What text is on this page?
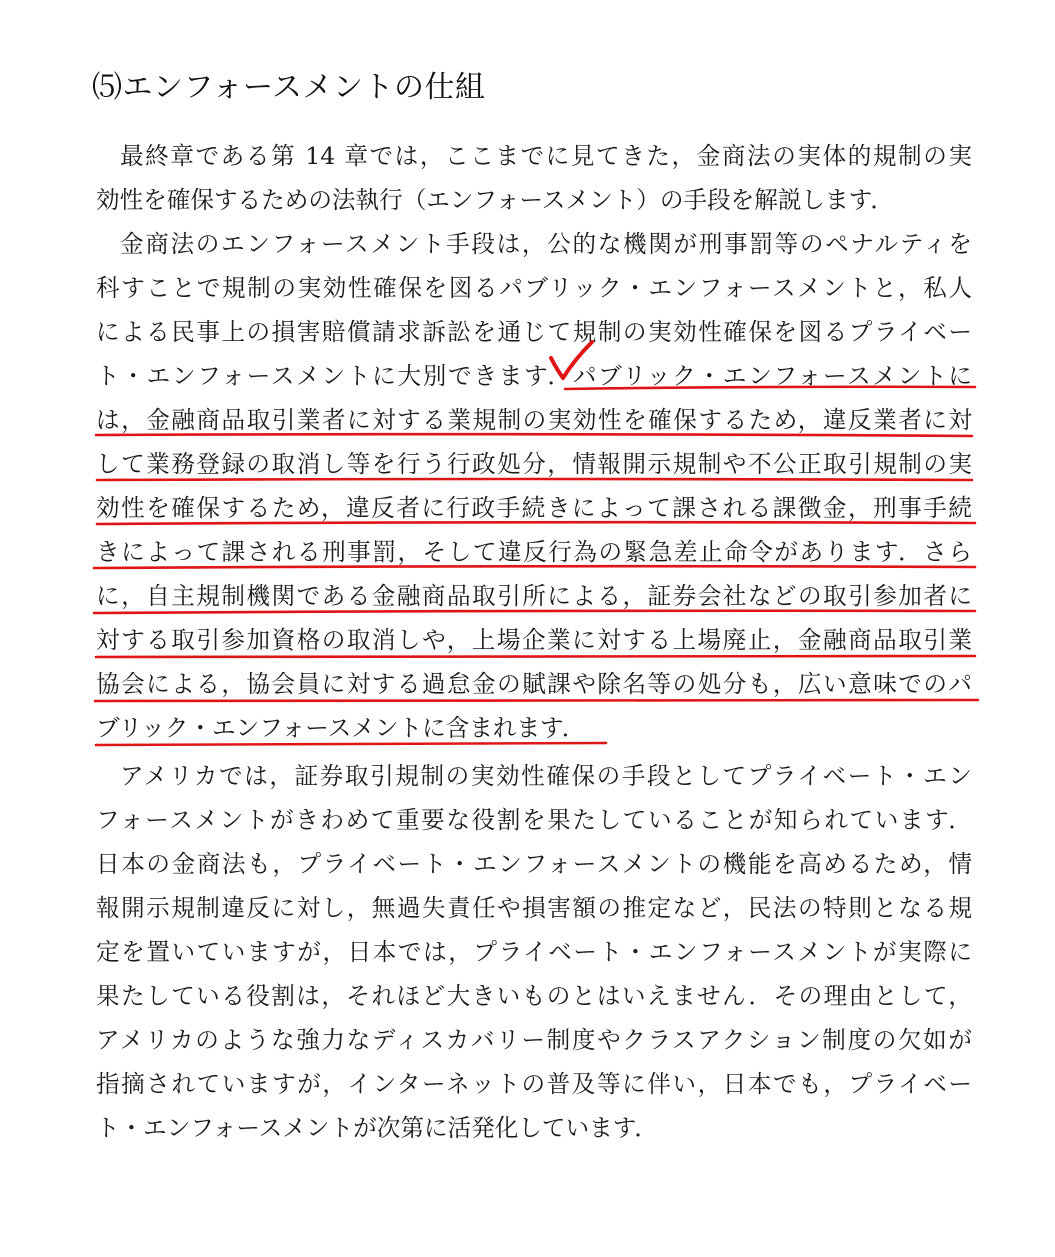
⑸エンフォースメントの仕組
最終章である第 14 章では，ここまでに見てきた，金商法の実体的規制の実
効性を確保するための法執行（エンフォースメント）の手段を解説します．
金商法のエンフォースメント手段は，公的な機関が刑事罰等のペナルティを
科すことで規制の実効性確保を図るパブリック・エンフォースメントと，私人
による民事上の損害賠償請求訴訟を通じて規制の実効性確保を図るプライベー
ト・エンフォースメントに大別できます．パブリック・エンフォースメントに
は，金融商品取引業者に対する業規制の実効性を確保するため，違反業者に対
して業務登録の取消し等を行う行政処分，情報開示規制や不公正取引規制の実
効性を確保するため，違反者に行政手続きによって課される課徴金，刑事手続
きによって課される刑事罰，そして違反行為の緊急差止命令があります．さら
に，自主規制機関である金融商品取引所による，証券会社などの取引参加者に
対する取引参加資格の取消しや，上場企業に対する上場廃止，金融商品取引業
協会による，協会員に対する過怠金の賦課や除名等の処分も，広い意味でのパ
ブリック・エンフォースメントに含まれます．
アメリカでは，証券取引規制の実効性確保の手段としてプライベート・エン
フォースメントがきわめて重要な役割を果たしていることが知られています．
日本の金商法も，プライベート・エンフォースメントの機能を高めるため，情
報開示規制違反に対し，無過失責任や損害額の推定など，民法の特則となる規
定を置いていますが，日本では，プライベート・エンフォースメントが実際に
果たしている役割は，それほど大きいものとはいえません．その理由として，
アメリカのような強力なディスカバリー制度やクラスアクション制度の欠如が
指摘されていますが，インターネットの普及等に伴い，日本でも，プライベー
ト・エンフォースメントが次第に活発化しています．
